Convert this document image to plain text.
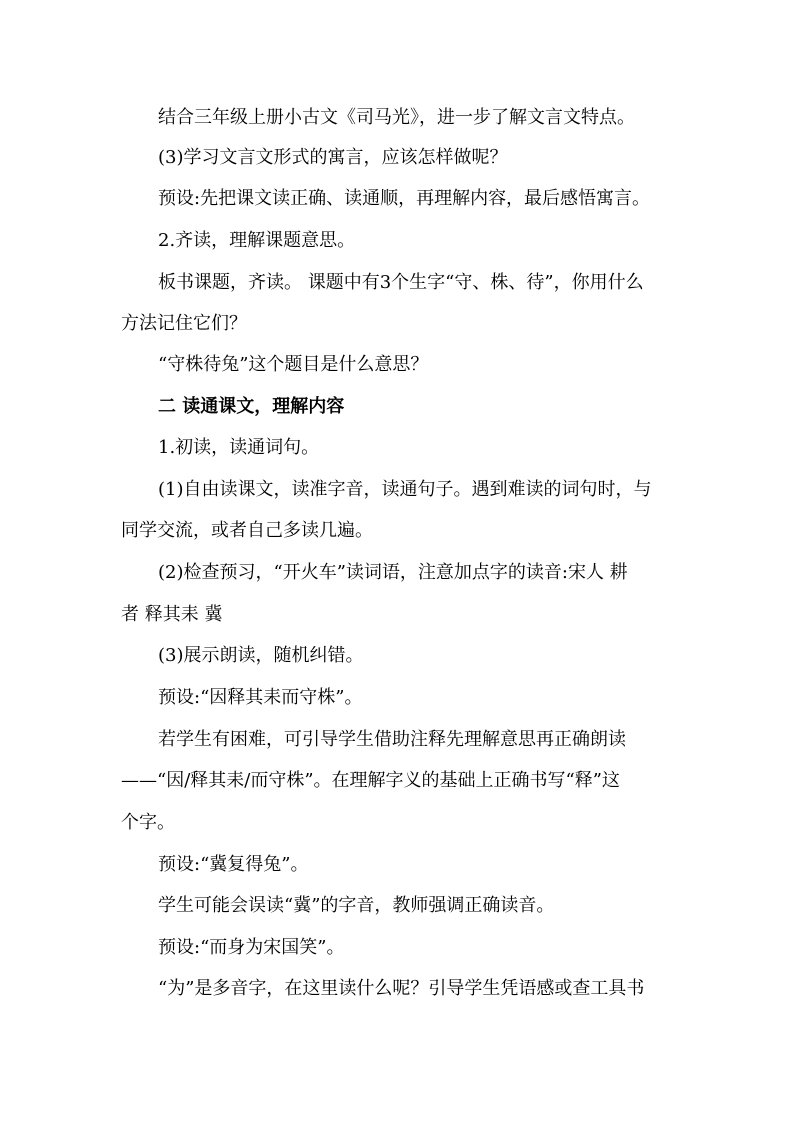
结合三年级上册小古文《司马光》，进一步了解文言文特点。
(3)学习文言文形式的寓言，应该怎样做呢？
预设:先把课文读正确、读通顺，再理解内容，最后感悟寓言。
2.齐读，理解课题意思。
板书课题，齐读。 课题中有3个生字“守、株、待”，你用什么
方法记住它们？
“守株待兔”这个题目是什么意思？
二 读通课文，理解内容
1.初读，读通词句。
(1)自由读课文，读准字音，读通句子。遇到难读的词句时，与
同学交流，或者自己多读几遍。
(2)检查预习，“开火车”读词语，注意加点字的读音:宋人 耕
者 释其耒 冀
(3)展示朗读，随机纠错。
预设:“因释其耒而守株”。
若学生有困难，可引导学生借助注释先理解意思再正确朗读
——“因/释其耒/而守株”。在理解字义的基础上正确书写“释”这
个字。
预设:“冀复得兔”。
学生可能会误读“冀”的字音，教师强调正确读音。
预设:“而身为宋国笑”。
“为”是多音字，在这里读什么呢？引导学生凭语感或查工具书
